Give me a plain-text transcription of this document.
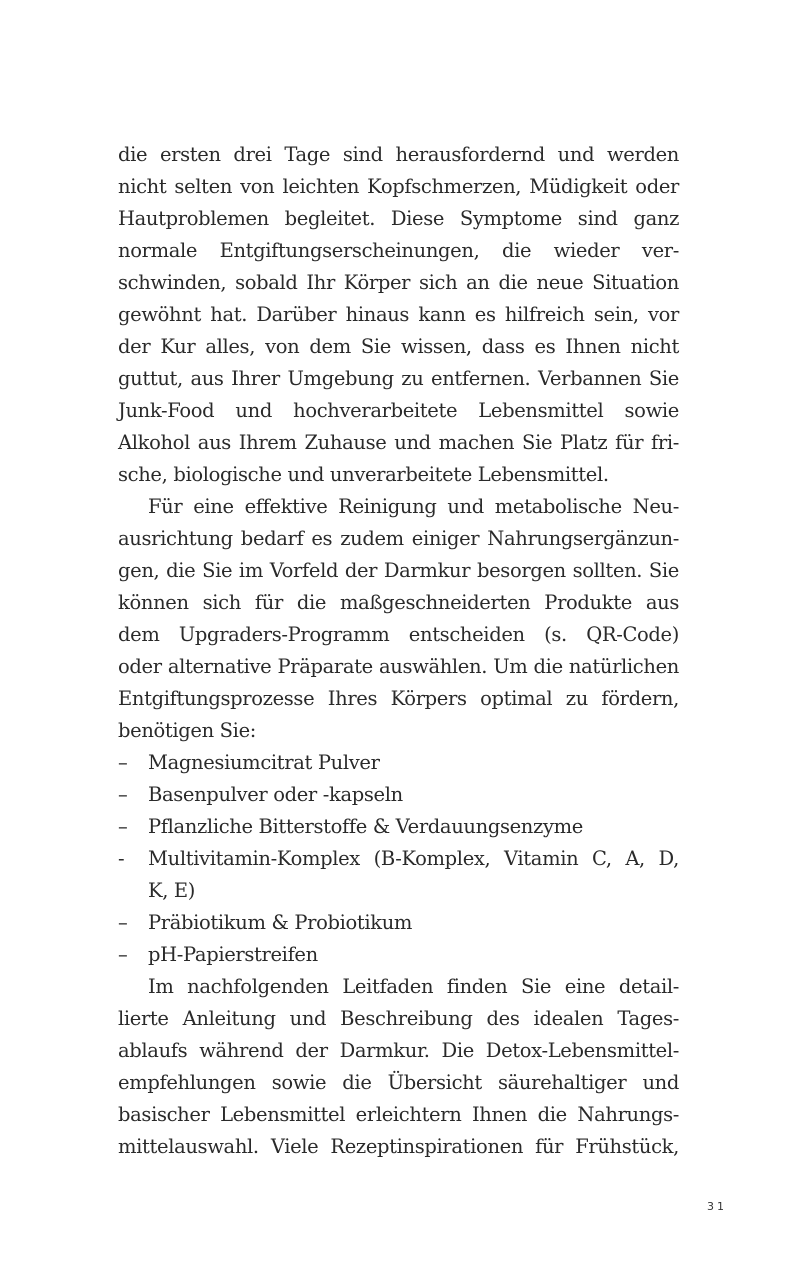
die ersten drei Tage sind herausfordernd und werden
nicht selten von leichten Kopfschmerzen, Müdigkeit oder
Hautproblemen begleitet. Diese Symptome sind ganz
normale Entgiftungserscheinungen, die wieder ver-
schwinden, sobald Ihr Körper sich an die neue Situation
gewöhnt hat. Darüber hinaus kann es hilfreich sein, vor
der Kur alles, von dem Sie wissen, dass es Ihnen nicht
guttut, aus Ihrer Umgebung zu entfernen. Verbannen Sie
Junk-Food und hochverarbeitete Lebensmittel sowie
Alkohol aus Ihrem Zuhause und machen Sie Platz für fri-
sche, biologische und unverarbeitete Lebensmittel.
Für eine effektive Reinigung und metabolische Neu-
ausrichtung bedarf es zudem einiger Nahrungsergänzun-
gen, die Sie im Vorfeld der Darmkur besorgen sollten. Sie
können sich für die maßgeschneiderten Produkte aus
dem Upgraders-Programm entscheiden (s. QR-Code)
oder alternative Präparate auswählen. Um die natürlichen
Entgiftungsprozesse Ihres Körpers optimal zu fördern,
benötigen Sie:
–	Magnesiumcitrat Pulver
–	Basenpulver oder -kapseln
–	Pflanzliche Bitterstoffe & Verdauungsenzyme
-	Multivitamin-Komplex (B-Komplex, Vitamin C, A, D,
K, E)
–	Präbiotikum & Probiotikum
–	pH-Papierstreifen
Im nachfolgenden Leitfaden finden Sie eine detail-
lierte Anleitung und Beschreibung des idealen Tages-
ablaufs während der Darmkur. Die Detox-Lebensmittel-
empfehlungen sowie die Übersicht säurehaltiger und
basischer Lebensmittel erleichtern Ihnen die Nahrungs-
mittelauswahl. Viele Rezeptinspirationen für Frühstück,
31
